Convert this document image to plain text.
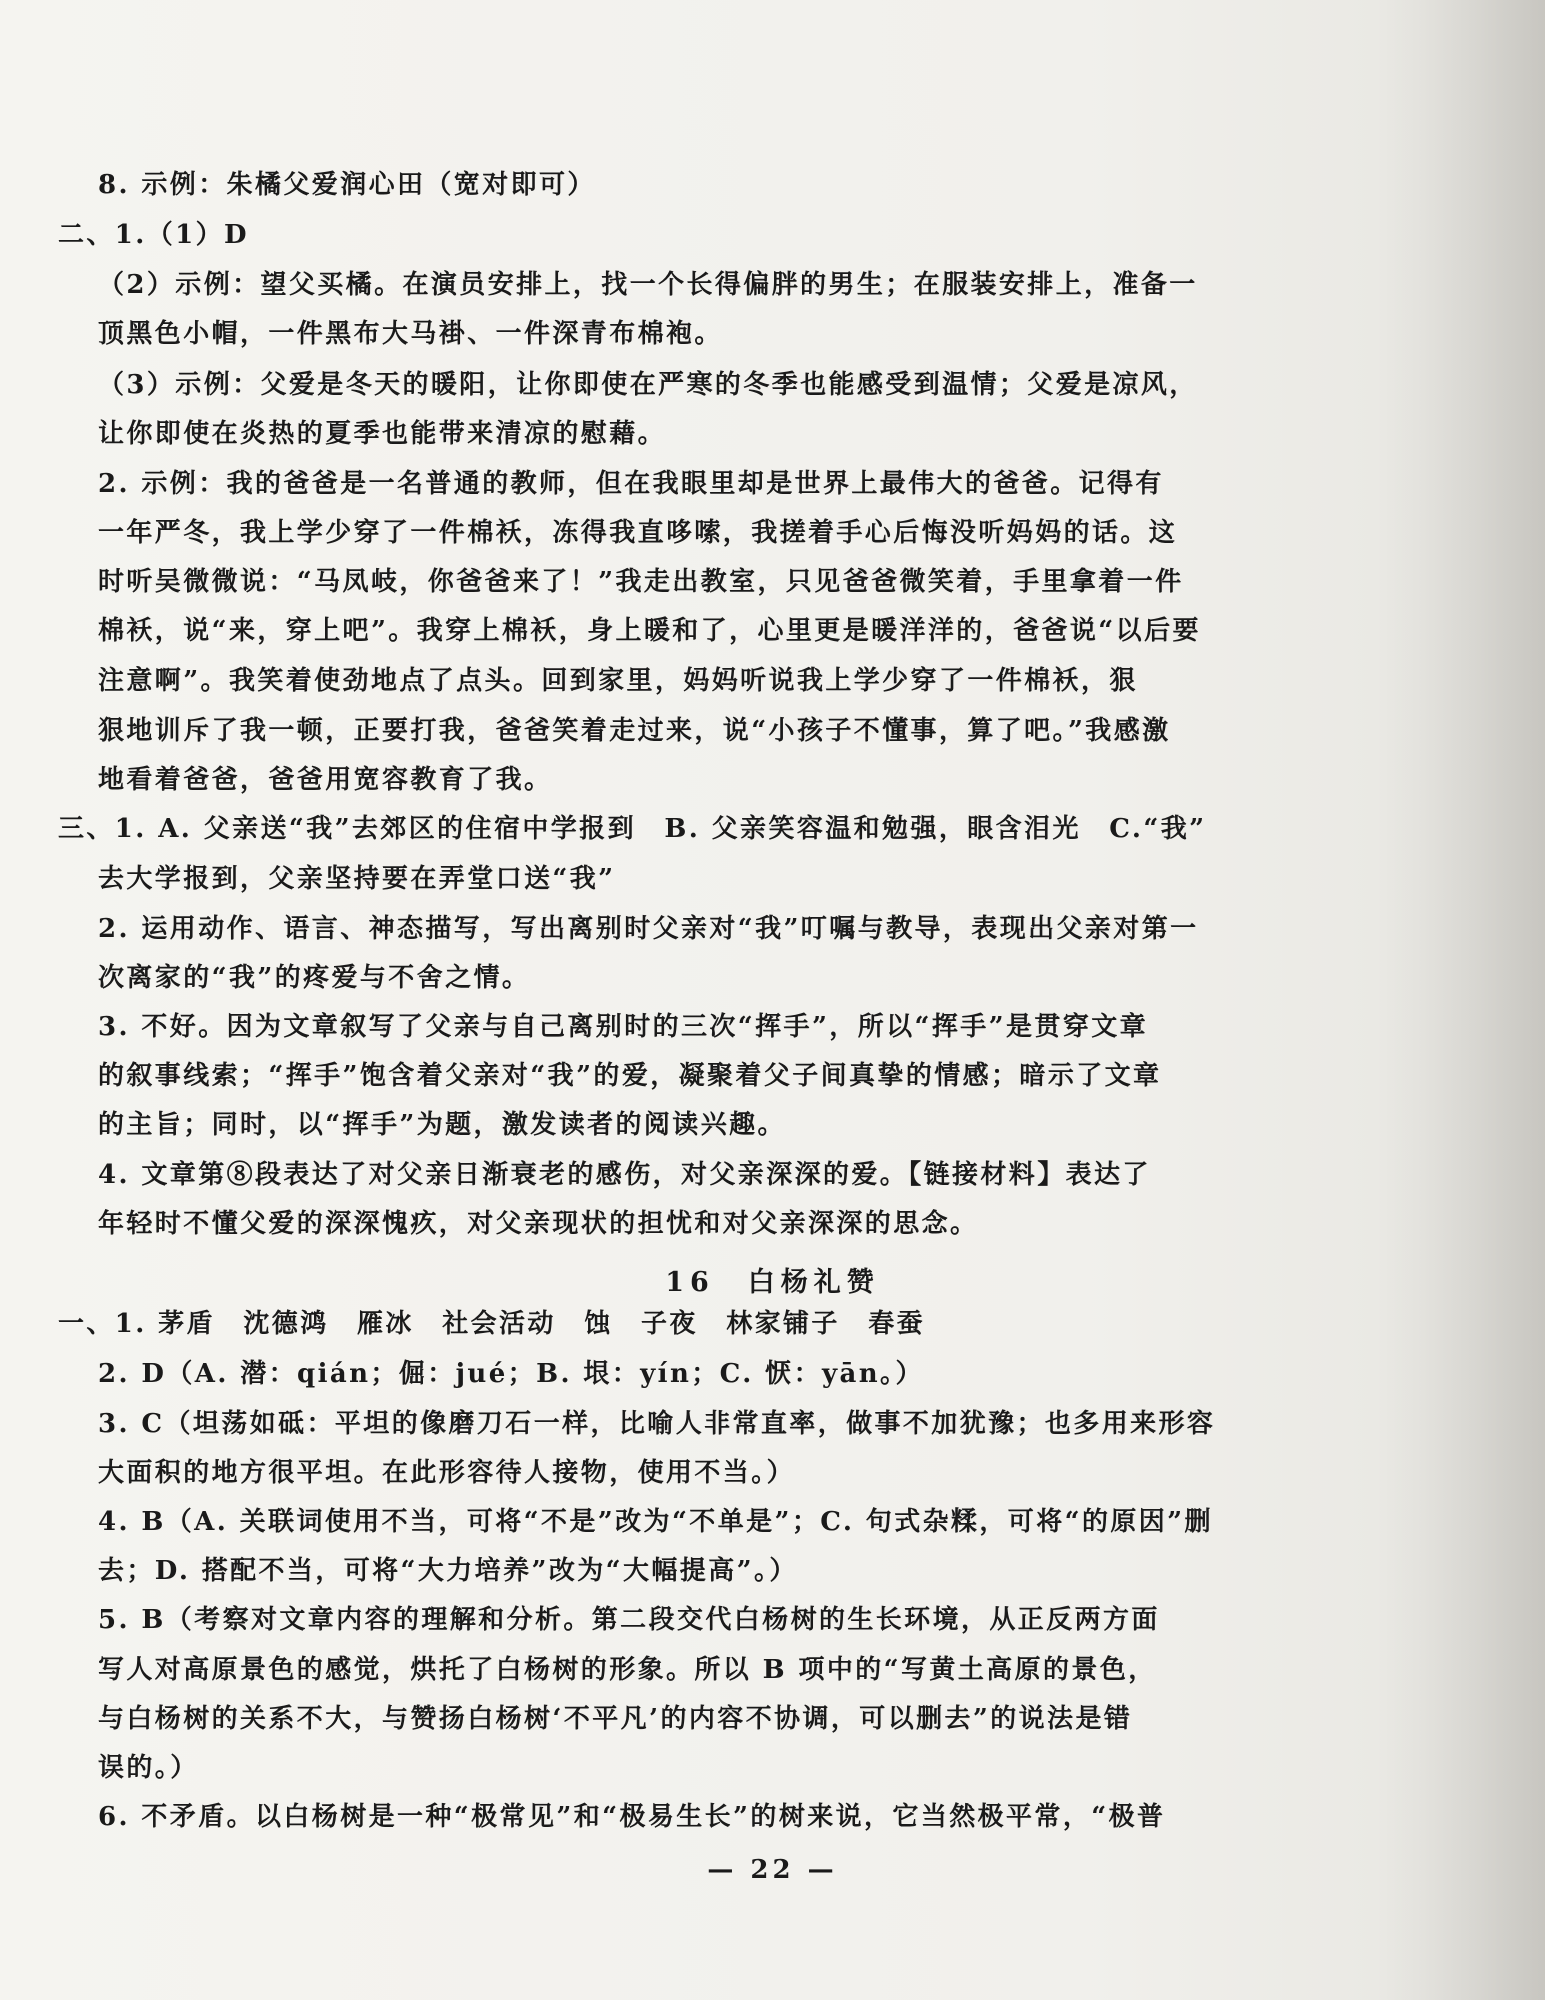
8. 示例：朱橘父爱润心田（宽对即可）
二、1.（1）D
（2）示例：望父买橘。在演员安排上，找一个长得偏胖的男生；在服装安排上，准备一
顶黑色小帽，一件黑布大马褂、一件深青布棉袍。
（3）示例：父爱是冬天的暖阳，让你即使在严寒的冬季也能感受到温情；父爱是凉风，
让你即使在炎热的夏季也能带来清凉的慰藉。
2. 示例：我的爸爸是一名普通的教师，但在我眼里却是世界上最伟大的爸爸。记得有
一年严冬，我上学少穿了一件棉袄，冻得我直哆嗦，我搓着手心后悔没听妈妈的话。这
时听吴微微说：“马凤岐，你爸爸来了！”我走出教室，只见爸爸微笑着，手里拿着一件
棉袄，说“来，穿上吧”。我穿上棉袄，身上暖和了，心里更是暖洋洋的，爸爸说“以后要
注意啊”。我笑着使劲地点了点头。回到家里，妈妈听说我上学少穿了一件棉袄，狠
狠地训斥了我一顿，正要打我，爸爸笑着走过来，说“小孩子不懂事，算了吧。”我感激
地看着爸爸，爸爸用宽容教育了我。
三、1. A. 父亲送“我”去郊区的住宿中学报到　B. 父亲笑容温和勉强，眼含泪光　C.“我”
去大学报到，父亲坚持要在弄堂口送“我”
2. 运用动作、语言、神态描写，写出离别时父亲对“我”叮嘱与教导，表现出父亲对第一
次离家的“我”的疼爱与不舍之情。
3. 不好。因为文章叙写了父亲与自己离别时的三次“挥手”，所以“挥手”是贯穿文章
的叙事线索；“挥手”饱含着父亲对“我”的爱，凝聚着父子间真挚的情感；暗示了文章
的主旨；同时，以“挥手”为题，激发读者的阅读兴趣。
4. 文章第⑧段表达了对父亲日渐衰老的感伤，对父亲深深的爱。【链接材料】表达了
年轻时不懂父爱的深深愧疚，对父亲现状的担忧和对父亲深深的思念。
16　白杨礼赞
一、1. 茅盾　沈德鸿　雁冰　社会活动　蚀　子夜　林家铺子　春蚕
2. D（A. 潜：qián；倔：jué；B. 垠：yín；C. 恹：yān。）
3. C（坦荡如砥：平坦的像磨刀石一样，比喻人非常直率，做事不加犹豫；也多用来形容
大面积的地方很平坦。在此形容待人接物，使用不当。）
4. B（A. 关联词使用不当，可将“不是”改为“不单是”；C. 句式杂糅，可将“的原因”删
去；D. 搭配不当，可将“大力培养”改为“大幅提高”。）
5. B（考察对文章内容的理解和分析。第二段交代白杨树的生长环境，从正反两方面
写人对高原景色的感觉，烘托了白杨树的形象。所以 B 项中的“写黄土高原的景色，
与白杨树的关系不大，与赞扬白杨树‘不平凡’的内容不协调，可以删去”的说法是错
误的。）
6. 不矛盾。以白杨树是一种“极常见”和“极易生长”的树来说，它当然极平常，“极普
— 22 —
